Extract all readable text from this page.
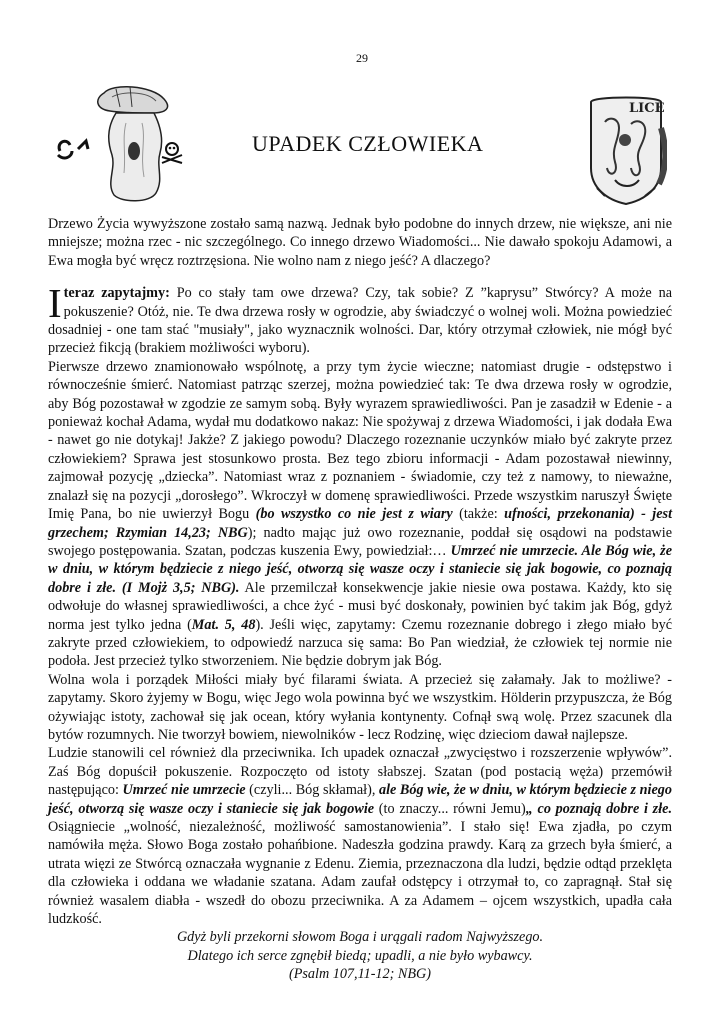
29
LICE
UPADEK CZŁOWIEKA

Drzewo Życia wywyższone zostało samą nazwą. Jednak było podobne do innych drzew, nie większe, ani nie mniejsze; można rzec - nic szczególnego. Co innego drzewo Wiadomości... Nie dawało spokoju Adamowi, a Ewa mogła być wręcz roztrzęsiona. Nie wolno nam z niego jeść? A dlaczego?

Iteraz zapytajmy: Po co stały tam owe drzewa? Czy, tak sobie? Z ”kaprysu” Stwórcy? A może na pokuszenie? Otóż, nie. Te dwa drzewa rosły w ogrodzie, aby świadczyć o wolnej woli. Można powiedzieć dosadniej - one tam stać "musiały", jako wyznacznik wolności. Dar, który otrzymał człowiek, nie mógł być przecież fikcją (brakiem możliwości wyboru).

Pierwsze drzewo znamionowało wspólnotę, a przy tym życie wieczne; natomiast drugie - odstępstwo i równocześnie śmierć. Natomiast patrząc szerzej, można powiedzieć tak: Te dwa drzewa rosły w ogrodzie, aby Bóg pozostawał w zgodzie ze samym sobą. Były wyrazem sprawiedliwości. Pan je zasadził w Edenie - a ponieważ kochał Adama, wydał mu dodatkowo nakaz: Nie spożywaj z drzewa Wiadomości, i jak dodała Ewa - nawet go nie dotykaj! Jakże? Z jakiego powodu? Dlaczego rozeznanie uczynków miało być zakryte przez człowiekiem? Sprawa jest stosunkowo prosta. Bez tego zbioru informacji - Adam pozostawał niewinny, zajmował pozycję „dziecka”. Natomiast wraz z poznaniem - świadomie, czy też z namowy, to nieważne, znalazł się na pozycji „dorosłego”. Wkroczył w domenę sprawiedliwości. Przede wszystkim naruszył Święte Imię Pana, bo nie uwierzył Bogu (bo wszystko co nie jest z wiary (także: ufności, przekonania) - jest grzechem; Rzymian 14,23; NBG); nadto mając już owo rozeznanie, poddał się osądowi na podstawie swojego postępowania. Szatan, podczas kuszenia Ewy, powiedział:… Umrzeć nie umrzecie. Ale Bóg wie, że w dniu, w którym będziecie z niego jeść, otworzą się wasze oczy i staniecie się jak bogowie, co poznają dobre i złe. (I Mojż 3,5; NBG). Ale przemilczał konsekwencje jakie niesie owa postawa. Każdy, kto się odwołuje do własnej sprawiedliwości, a chce żyć - musi być doskonały, powinien być takim jak Bóg, gdyż norma jest tylko jedna (Mat. 5, 48). Jeśli więc, zapytamy: Czemu rozeznanie dobrego i złego miało być zakryte przed człowiekiem, to odpowiedź narzuca się sama: Bo Pan wiedział, że człowiek tej normie nie podoła. Jest przecież tylko stworzeniem. Nie będzie dobrym jak Bóg.

Wolna wola i porządek Miłości miały być filarami świata. A przecież się załamały. Jak to możliwe? - zapytamy. Skoro żyjemy w Bogu, więc Jego wola powinna być we wszystkim. Hölderin przypuszcza, że Bóg ożywiając istoty, zachował się jak ocean, który wyłania kontynenty. Cofnął swą wolę. Przez szacunek dla bytów rozumnych. Nie tworzył bowiem, niewolników - lecz Rodzinę, więc dzieciom dawał najlepsze.

Ludzie stanowili cel również dla przeciwnika. Ich upadek oznaczał „zwycięstwo i rozszerzenie wpływów”. Zaś Bóg dopuścił pokuszenie. Rozpoczęto od istoty słabszej. Szatan (pod postacią węża) przemówił następująco: Umrzeć nie umrzecie (czyli... Bóg skłamał), ale Bóg wie, że w dniu, w którym będziecie z niego jeść, otworzą się wasze oczy i staniecie się jak bogowie (to znaczy... równi Jemu)„ co poznają dobre i złe. Osiągniecie „wolność, niezależność, możliwość samostanowienia”. I stało się! Ewa zjadła, po czym namówiła męża. Słowo Boga zostało pohańbione. Nadeszła godzina prawdy. Karą za grzech była śmierć, a utrata więzi ze Stwórcą oznaczała wygnanie z Edenu. Ziemia, przeznaczona dla ludzi, będzie odtąd przeklęta dla człowieka i oddana we władanie szatana. Adam zaufał odstępcy i otrzymał to, co zapragnął. Stał się również wasalem diabła - wszedł do obozu przeciwnika. A za Adamem – ojcem wszystkich, upadła cała ludzkość.

Gdyż byli przekorni słowom Boga i urągali radom Najwyższego.
Dlatego ich serce zgnębił biedą; upadli, a nie było wybawcy.
(Psalm 107,11-12; NBG)
